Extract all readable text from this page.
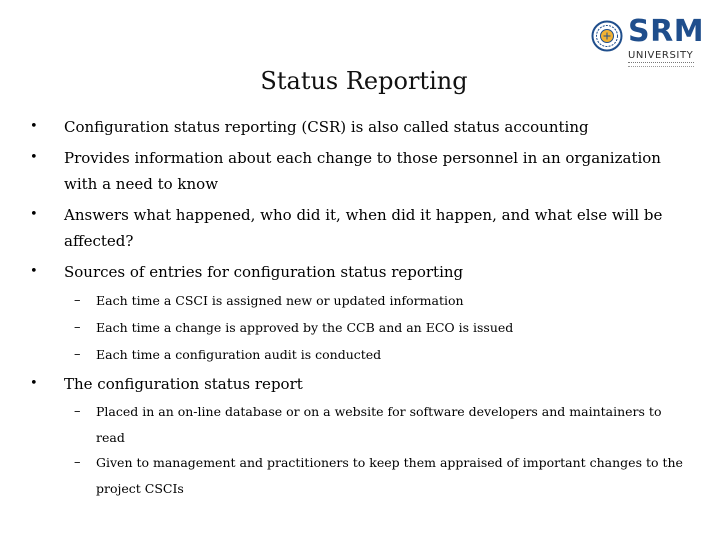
SRM
UNIVERSITY
Status Reporting
• Configuration status reporting (CSR) is also called status accounting
• Provides information about each change to those personnel in an organization with a need to know
• Answers what happened, who did it, when did it happen, and what else will be affected?
• Sources of entries for configuration status reporting
– Each time a CSCI is assigned new or updated information
– Each time a change is approved by the CCB and an ECO is issued
– Each time a configuration audit is conducted
• The configuration status report
– Placed in an on-line database or on a website for software developers and maintainers to read
– Given to management and practitioners to keep them appraised of important changes to the project CSCIs
